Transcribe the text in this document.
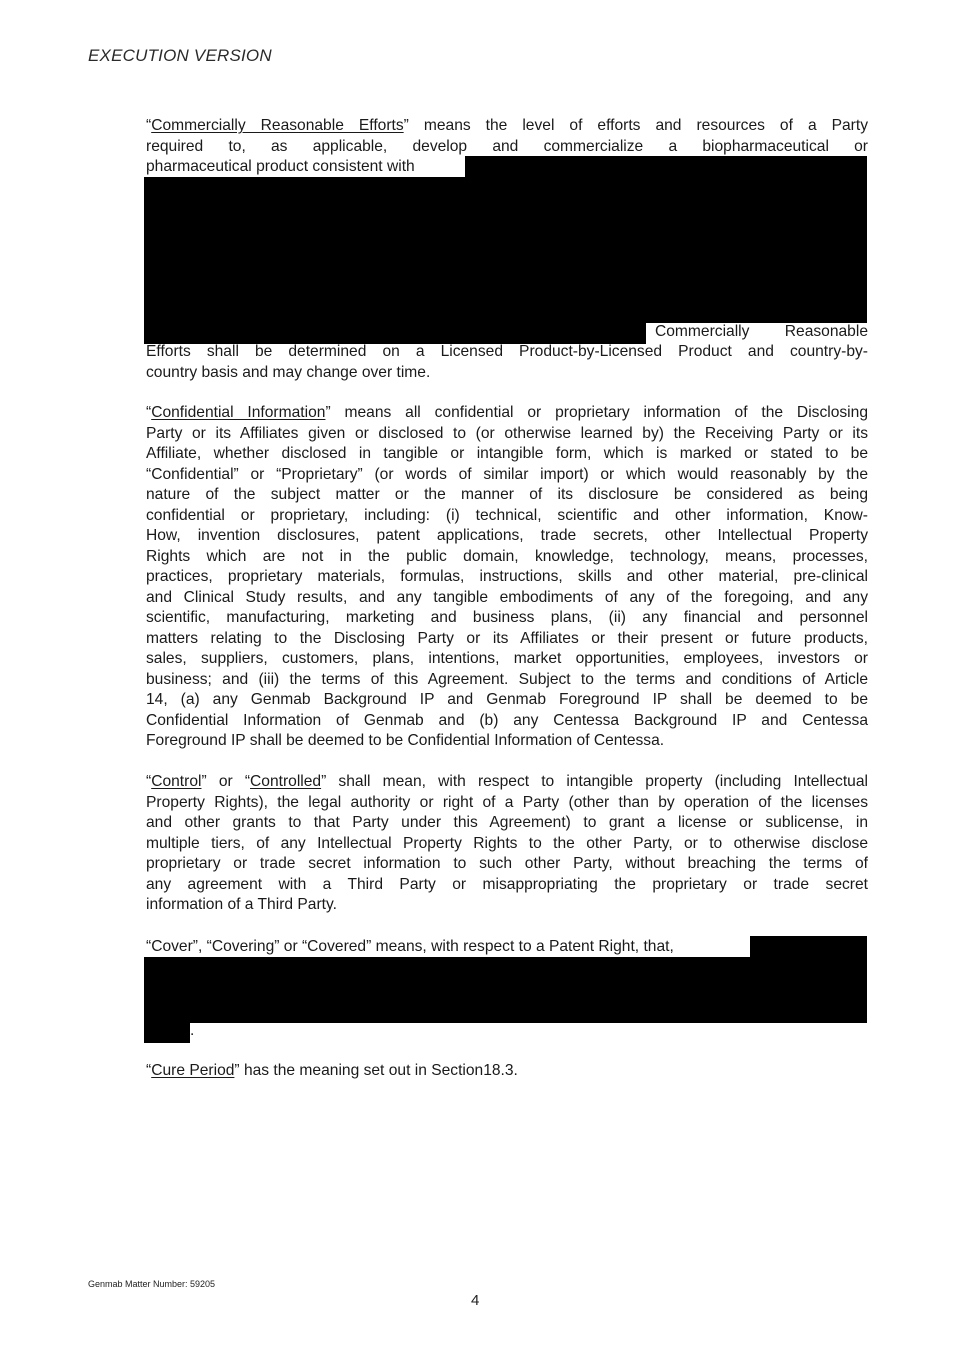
EXECUTION VERSION
“Commercially Reasonable Efforts” means the level of efforts and resources of a Party
required to, as applicable, develop and commercialize a biopharmaceutical or
pharmaceutical product consistent with
Commercially Reasonable
Efforts shall be determined on a Licensed Product-by-Licensed Product and country-by-
country basis and may change over time.
“Confidential Information” means all confidential or proprietary information of the Disclosing
Party or its Affiliates given or disclosed to (or otherwise learned by) the Receiving Party or its
Affiliate, whether disclosed in tangible or intangible form, which is marked or stated to be
“Confidential” or “Proprietary” (or words of similar import) or which would reasonably by the
nature of the subject matter or the manner of its disclosure be considered as being
confidential or proprietary, including: (i) technical, scientific and other information, Know-
How, invention disclosures, patent applications, trade secrets, other Intellectual Property
Rights which are not in the public domain, knowledge, technology, means, processes,
practices, proprietary materials, formulas, instructions, skills and other material, pre-clinical
and Clinical Study results, and any tangible embodiments of any of the foregoing, and any
scientific, manufacturing, marketing and business plans, (ii) any financial and personnel
matters relating to the Disclosing Party or its Affiliates or their present or future products,
sales, suppliers, customers, plans, intentions, market opportunities, employees, investors or
business; and (iii) the terms of this Agreement. Subject to the terms and conditions of Article
14, (a) any Genmab Background IP and Genmab Foreground IP shall be deemed to be
Confidential Information of Genmab and (b) any Centessa Background IP and Centessa
Foreground IP shall be deemed to be Confidential Information of Centessa.
“Control” or “Controlled” shall mean, with respect to intangible property (including Intellectual
Property Rights), the legal authority or right of a Party (other than by operation of the licenses
and other grants to that Party under this Agreement) to grant a license or sublicense, in
multiple tiers, of any Intellectual Property Rights to the other Party, or to otherwise disclose
proprietary or trade secret information to such other Party, without breaching the terms of
any agreement with a Third Party or misappropriating the proprietary or trade secret
information of a Third Party.
“Cover”, “Covering” or “Covered” means, with respect to a Patent Right, that,
.
“Cure Period” has the meaning set out in Section18.3.
Genmab Matter Number: 59205
4
